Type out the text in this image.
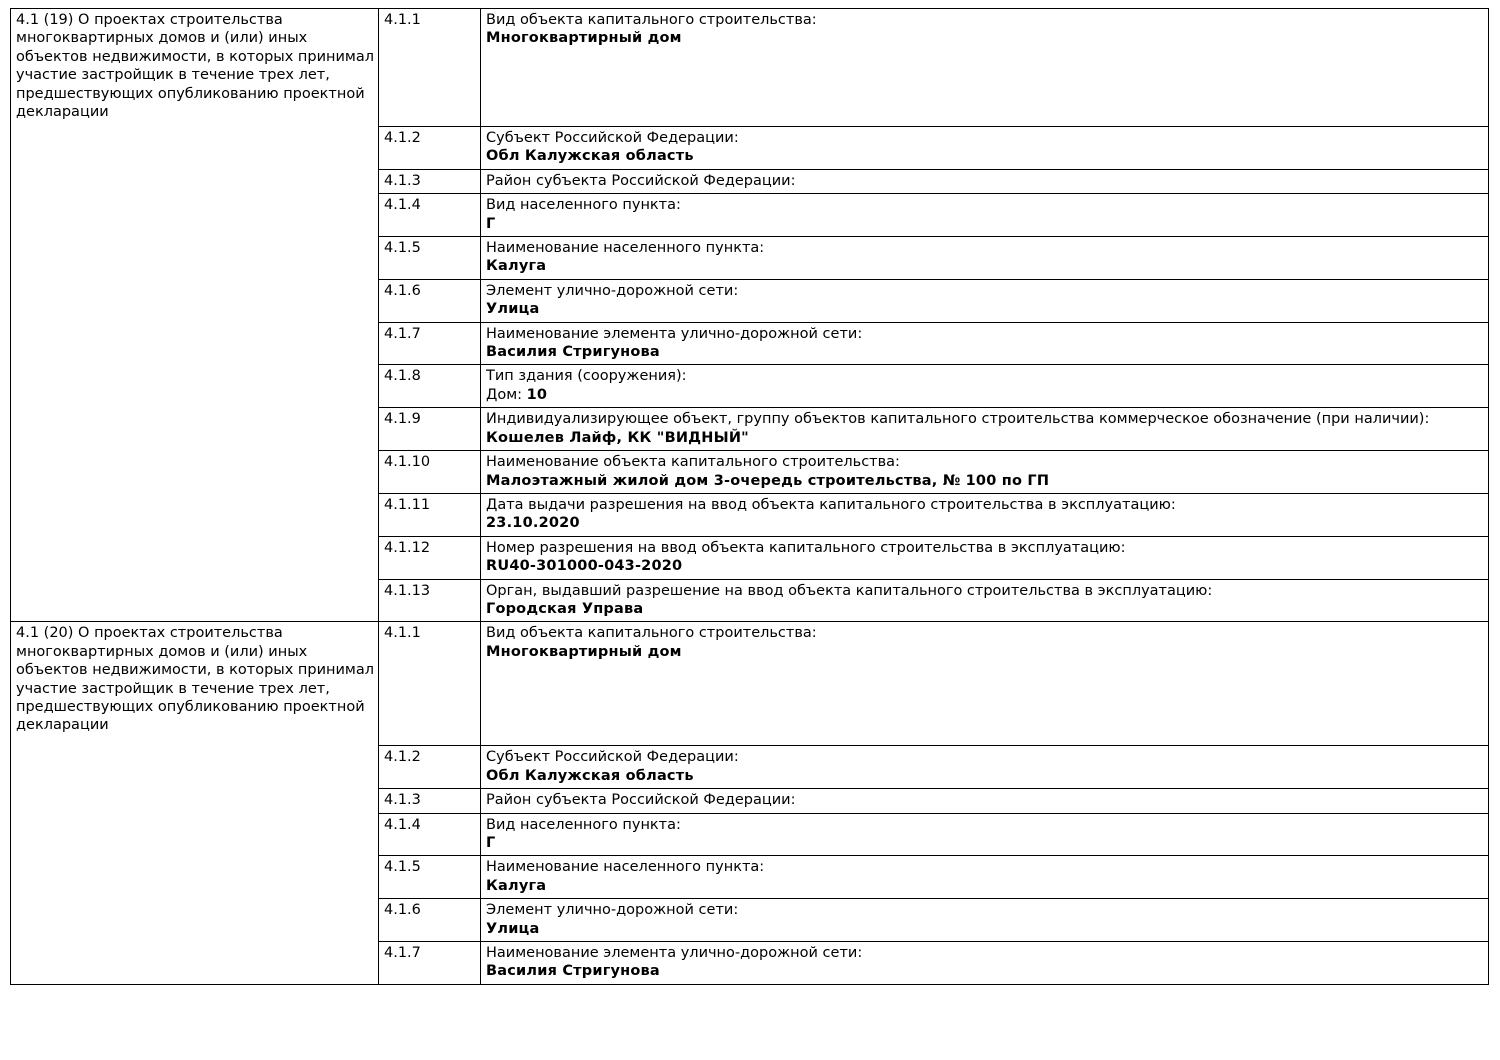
4.1 (19) О проектах строительства многоквартирных домов и (или) иных объектов недвижимости, в которых принимал участие застройщик в течение трех лет, предшествующих опубликованию проектной декларации	4.1.1	Вид объекта капитального строительства:
Многоквартирный дом

	4.1.2	Субъект Российской Федерации:
Обл Калужская область

	4.1.3	Район субъекта Российской Федерации:

	4.1.4	Вид населенного пункта:
Г

	4.1.5	Наименование населенного пункта:
Калуга

	4.1.6	Элемент улично-дорожной сети:
Улица

	4.1.7	Наименование элемента улично-дорожной сети:
Василия Стригунова

	4.1.8	Тип здания (сооружения):
Дом: 10

	4.1.9	Индивидуализирующее объект, группу объектов капитального строительства коммерческое обозначение (при наличии):
Кошелев Лайф, КК "ВИДНЫЙ"

	4.1.10	Наименование объекта капитального строительства:
Малоэтажный жилой дом 3-очередь строительства, № 100 по ГП

	4.1.11	Дата выдачи разрешения на ввод объекта капитального строительства в эксплуатацию:
23.10.2020

	4.1.12	Номер разрешения на ввод объекта капитального строительства в эксплуатацию:
RU40-301000-043-2020

	4.1.13	Орган, выдавший разрешение на ввод объекта капитального строительства в эксплуатацию:
Городская Управа

4.1 (20) О проектах строительства многоквартирных домов и (или) иных объектов недвижимости, в которых принимал участие застройщик в течение трех лет, предшествующих опубликованию проектной декларации	4.1.1	Вид объекта капитального строительства:
Многоквартирный дом

	4.1.2	Субъект Российской Федерации:
Обл Калужская область

	4.1.3	Район субъекта Российской Федерации:

	4.1.4	Вид населенного пункта:
Г

	4.1.5	Наименование населенного пункта:
Калуга

	4.1.6	Элемент улично-дорожной сети:
Улица

	4.1.7	Наименование элемента улично-дорожной сети:
Василия Стригунова
